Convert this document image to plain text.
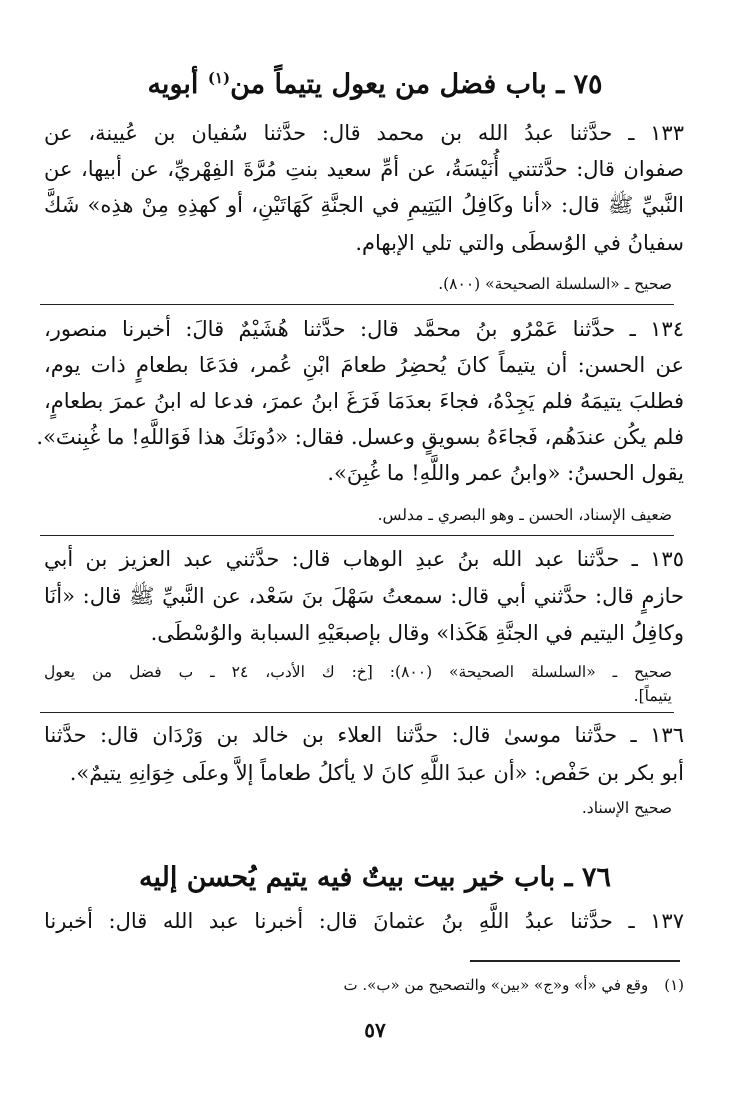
٧٥ ـ باب فضل من يعول يتيماً من$^{(١)}$ أبويه
١٣٣ ـ حدَّثنا عبدُ الله بن محمد قال: حدَّثنا سُفيان بن عُيينة، عن
صفوان قال: حدَّثتني أُنَيْسَةُ، عن أمِّ سعيد بنتِ مُرَّةَ الفِهْريِّ، عن أبيها، عن
النَّبيِّ ﷺ قال: «أنا وكَافِلُ اليَتِيمِ في الجنَّةِ كَهَاتَيْنِ، أو كهذِهِ مِنْ هذِه» شَكَّ
سفيانُ في الوُسطَى والتي تلي الإبهام.
صحيح ـ «السلسلة الصحيحة» (٨٠٠).
١٣٤ ـ حدَّثنا عَمْرُو بنُ محمَّد قال: حدَّثنا هُشَيْمٌ قالَ: أخبرنا منصور،
عن الحسن: أن يتيماً كانَ يُحضِرُ طعامَ ابْنِ عُمر، فدَعَا بطعامٍ ذات يوم،
فطلبَ يتيمَهُ فلم يَجِدْهُ، فجاءَ بعدَمَا فَرَغَ ابنُ عمرَ، فدعا له ابنُ عمرَ بطعامٍ،
فلم يكُن عندَهُم، فَجاءَهُ بسويقٍ وعسل. فقال: «دُونَكَ هذا فَوَاللَّهِ! ما غُبِنتَ».
يقول الحسنُ: «وابنُ عمر واللَّهِ! ما غُبِنَ».
ضعيف الإسناد، الحسن ـ وهو البصري ـ مدلس.
١٣٥ ـ حدَّثنا عبد الله بنُ عبدِ الوهاب قال: حدَّثني عبد العزيز بن أبي
حازمٍ قال: حدَّثني أبي قال: سمعتُ سَهْلَ بنَ سَعْد، عن النَّبيِّ ﷺ قال: «أنَا
وكافِلُ اليتيم في الجنَّةِ هَكَذا» وقال بإصبعَيْهِ السبابة والوُسْطَى.
صحيح ـ «السلسلة الصحيحة» (٨٠٠): [خ: ك الأدب، ٢٤ ـ ب فضل من يعول
يتيماً].
١٣٦ ـ حدَّثنا موسىٰ قال: حدَّثنا العلاء بن خالد بن وَرْدَان قال: حدَّثنا
أبو بكر بن حَفْص: «أن عبدَ اللَّهِ كانَ لا يأكلُ طعاماً إلاَّ وعلَى خِوَانِهِ يتيمٌ».
صحيح الإسناد.
٧٦ ـ باب خير بيت بيتٌ فيه يتيم يُحسن إليه
١٣٧ ـ حدَّثنا عبدُ اللَّهِ بنُ عثمانَ قال: أخبرنا عبد الله قال: أخبرنا
(١)وقع في «أ» و«ج» «بين» والتصحيح من «ب». ت
٥٧
